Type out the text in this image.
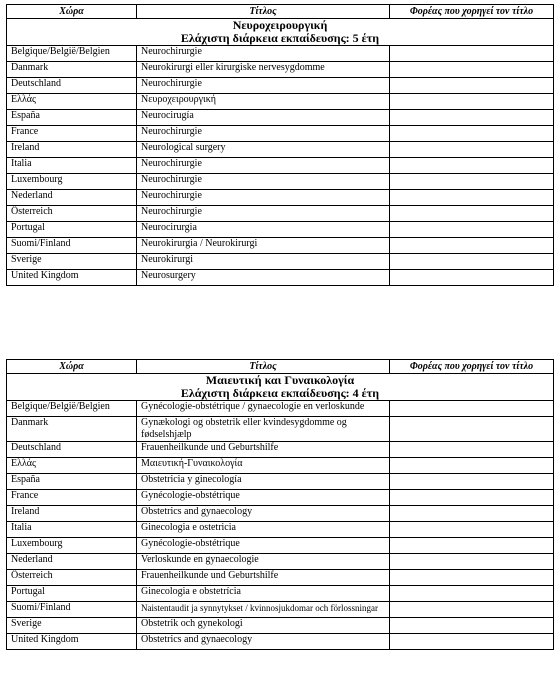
Χώρα	Τίτλος	Φορέας που χορηγεί τον τίτλο

Νευροχειρουργική
Ελάχιστη διάρκεια εκπαίδευσης: 5 έτη		

Belgique/België/Belgien	Neurochirurgie	
Danmark	Neurokirurgi eller kirurgiske nervesygdomme	
Deutschland	Neurochirurgie	
Ελλάς	Νευροχειρουργική	
España	Neurocirugía	
France	Neurochirurgie	
Ireland	Neurological surgery	
Italia	Neurochirurgie	
Luxembourg	Neurochirurgie	
Nederland	Neurochirurgie	
Österreich	Neurochirurgie	
Portugal	Neurocirurgia	
Suomi/Finland	Neurokirurgia / Neurokirurgi	
Sverige	Neurokirurgi	
United Kingdom	Neurosurgery	
Χώρα	Τίτλος	Φορέας που χορηγεί τον τίτλο

Μαιευτική και Γυναικολογία
Ελάχιστη διάρκεια εκπαίδευσης: 4 έτη		

Belgique/België/Belgien	Gynécologie-obstétrique / gynaecologie en verloskunde	
Danmark	Gynækologi og obstetrik eller kvindesygdomme og fødselshjælp	
Deutschland	Frauenheilkunde und Geburtshilfe	
Ελλάς	Μαιευτική-Γυναικολογία	
España	Obstetricia y ginecología	
France	Gynécologie-obstétrique	
Ireland	Obstetrics and gynaecology	
Italia	Ginecologia e ostetricia	
Luxembourg	Gynécologie-obstétrique	
Nederland	Verloskunde en gynaecologie	
Österreich	Frauenheilkunde und Geburtshilfe	
Portugal	Ginecologia e obstetrícia	
Suomi/Finland	Naistentaudit ja synnytykset / kvinnosjukdomar och förlossningar	
Sverige	Obstetrik och gynekologi	
United Kingdom	Obstetrics and gynaecology	
